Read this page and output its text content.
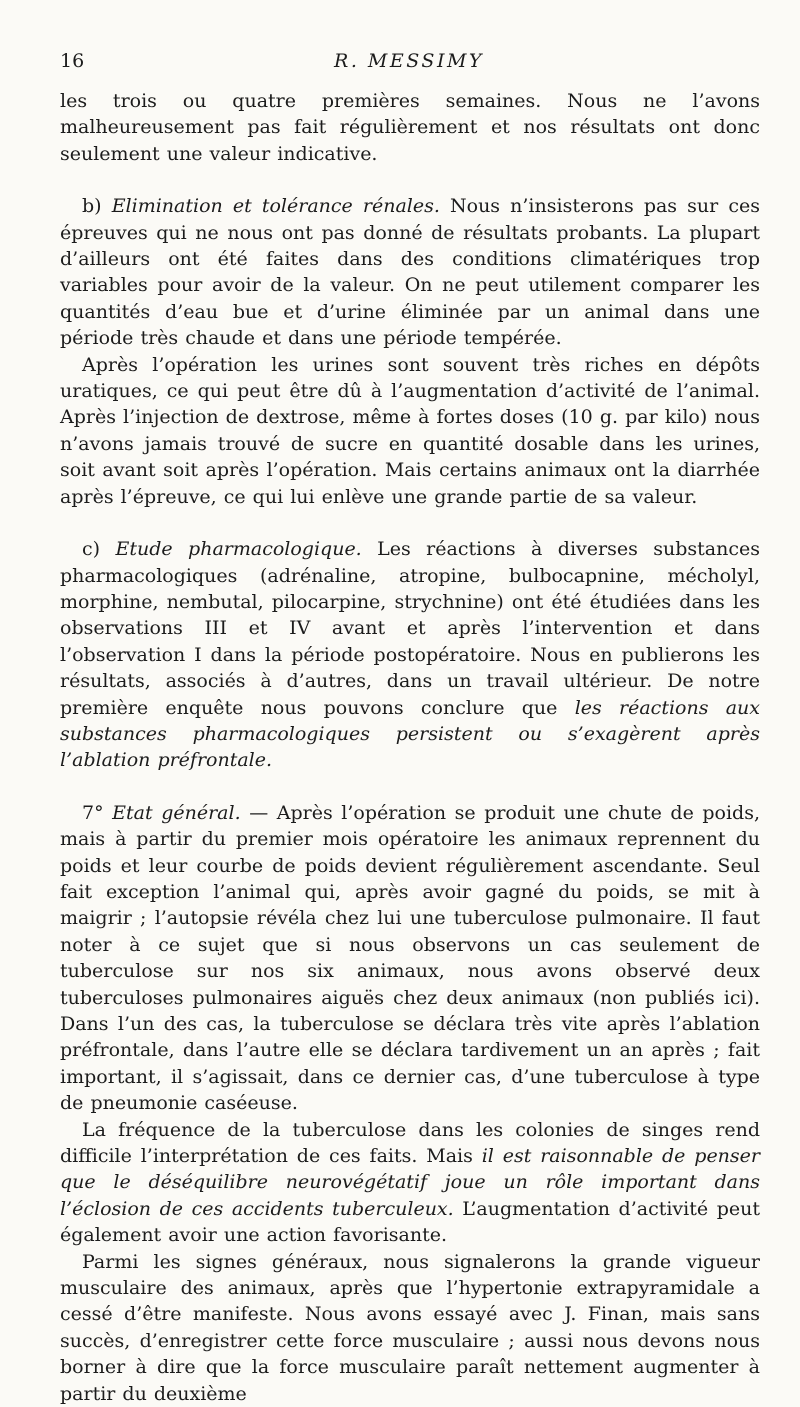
16	R. MESSIMY

les trois ou quatre premières semaines. Nous ne l’avons malheureusement pas fait régulièrement et nos résultats ont donc seulement une valeur indicative.

b) Elimination et tolérance rénales. Nous n’insisterons pas sur ces épreuves qui ne nous ont pas donné de résultats probants. La plupart d’ailleurs ont été faites dans des conditions climatériques trop variables pour avoir de la valeur. On ne peut utilement comparer les quantités d’eau bue et d’urine éliminée par un animal dans une période très chaude et dans une période tempérée.

Après l’opération les urines sont souvent très riches en dépôts uratiques, ce qui peut être dû à l’augmentation d’activité de l’animal. Après l’injection de dextrose, même à fortes doses (10 g. par kilo) nous n’avons jamais trouvé de sucre en quantité dosable dans les urines, soit avant soit après l’opération. Mais certains animaux ont la diarrhée après l’épreuve, ce qui lui enlève une grande partie de sa valeur.

c) Etude pharmacologique. Les réactions à diverses substances pharmacologiques (adrénaline, atropine, bulbocapnine, mécholyl, morphine, nembutal, pilocarpine, strychnine) ont été étudiées dans les observations III et IV avant et après l’intervention et dans l’observation I dans la période postopératoire. Nous en publierons les résultats, associés à d’autres, dans un travail ultérieur. De notre première enquête nous pouvons conclure que les réactions aux substances pharmacologiques persistent ou s’exagèrent après l’ablation préfrontale.

7° Etat général. — Après l’opération se produit une chute de poids, mais à partir du premier mois opératoire les animaux reprennent du poids et leur courbe de poids devient régulièrement ascendante. Seul fait exception l’animal qui, après avoir gagné du poids, se mit à maigrir ; l’autopsie révéla chez lui une tuberculose pulmonaire. Il faut noter à ce sujet que si nous observons un cas seulement de tuberculose sur nos six animaux, nous avons observé deux tuberculoses pulmonaires aiguës chez deux animaux (non publiés ici). Dans l’un des cas, la tuberculose se déclara très vite après l’ablation préfrontale, dans l’autre elle se déclara tardivement un an après ; fait important, il s’agissait, dans ce dernier cas, d’une tuberculose à type de pneumonie caséeuse.

La fréquence de la tuberculose dans les colonies de singes rend difficile l’interprétation de ces faits. Mais il est raisonnable de penser que le déséquilibre neurovégétatif joue un rôle important dans l’éclosion de ces accidents tuberculeux. L’augmentation d’activité peut également avoir une action favorisante.

Parmi les signes généraux, nous signalerons la grande vigueur musculaire des animaux, après que l’hypertonie extrapyramidale a cessé d’être manifeste. Nous avons essayé avec J. Finan, mais sans succès, d’enregistrer cette force musculaire ; aussi nous devons nous borner à dire que la force musculaire paraît nettement augmenter à partir du deuxième
